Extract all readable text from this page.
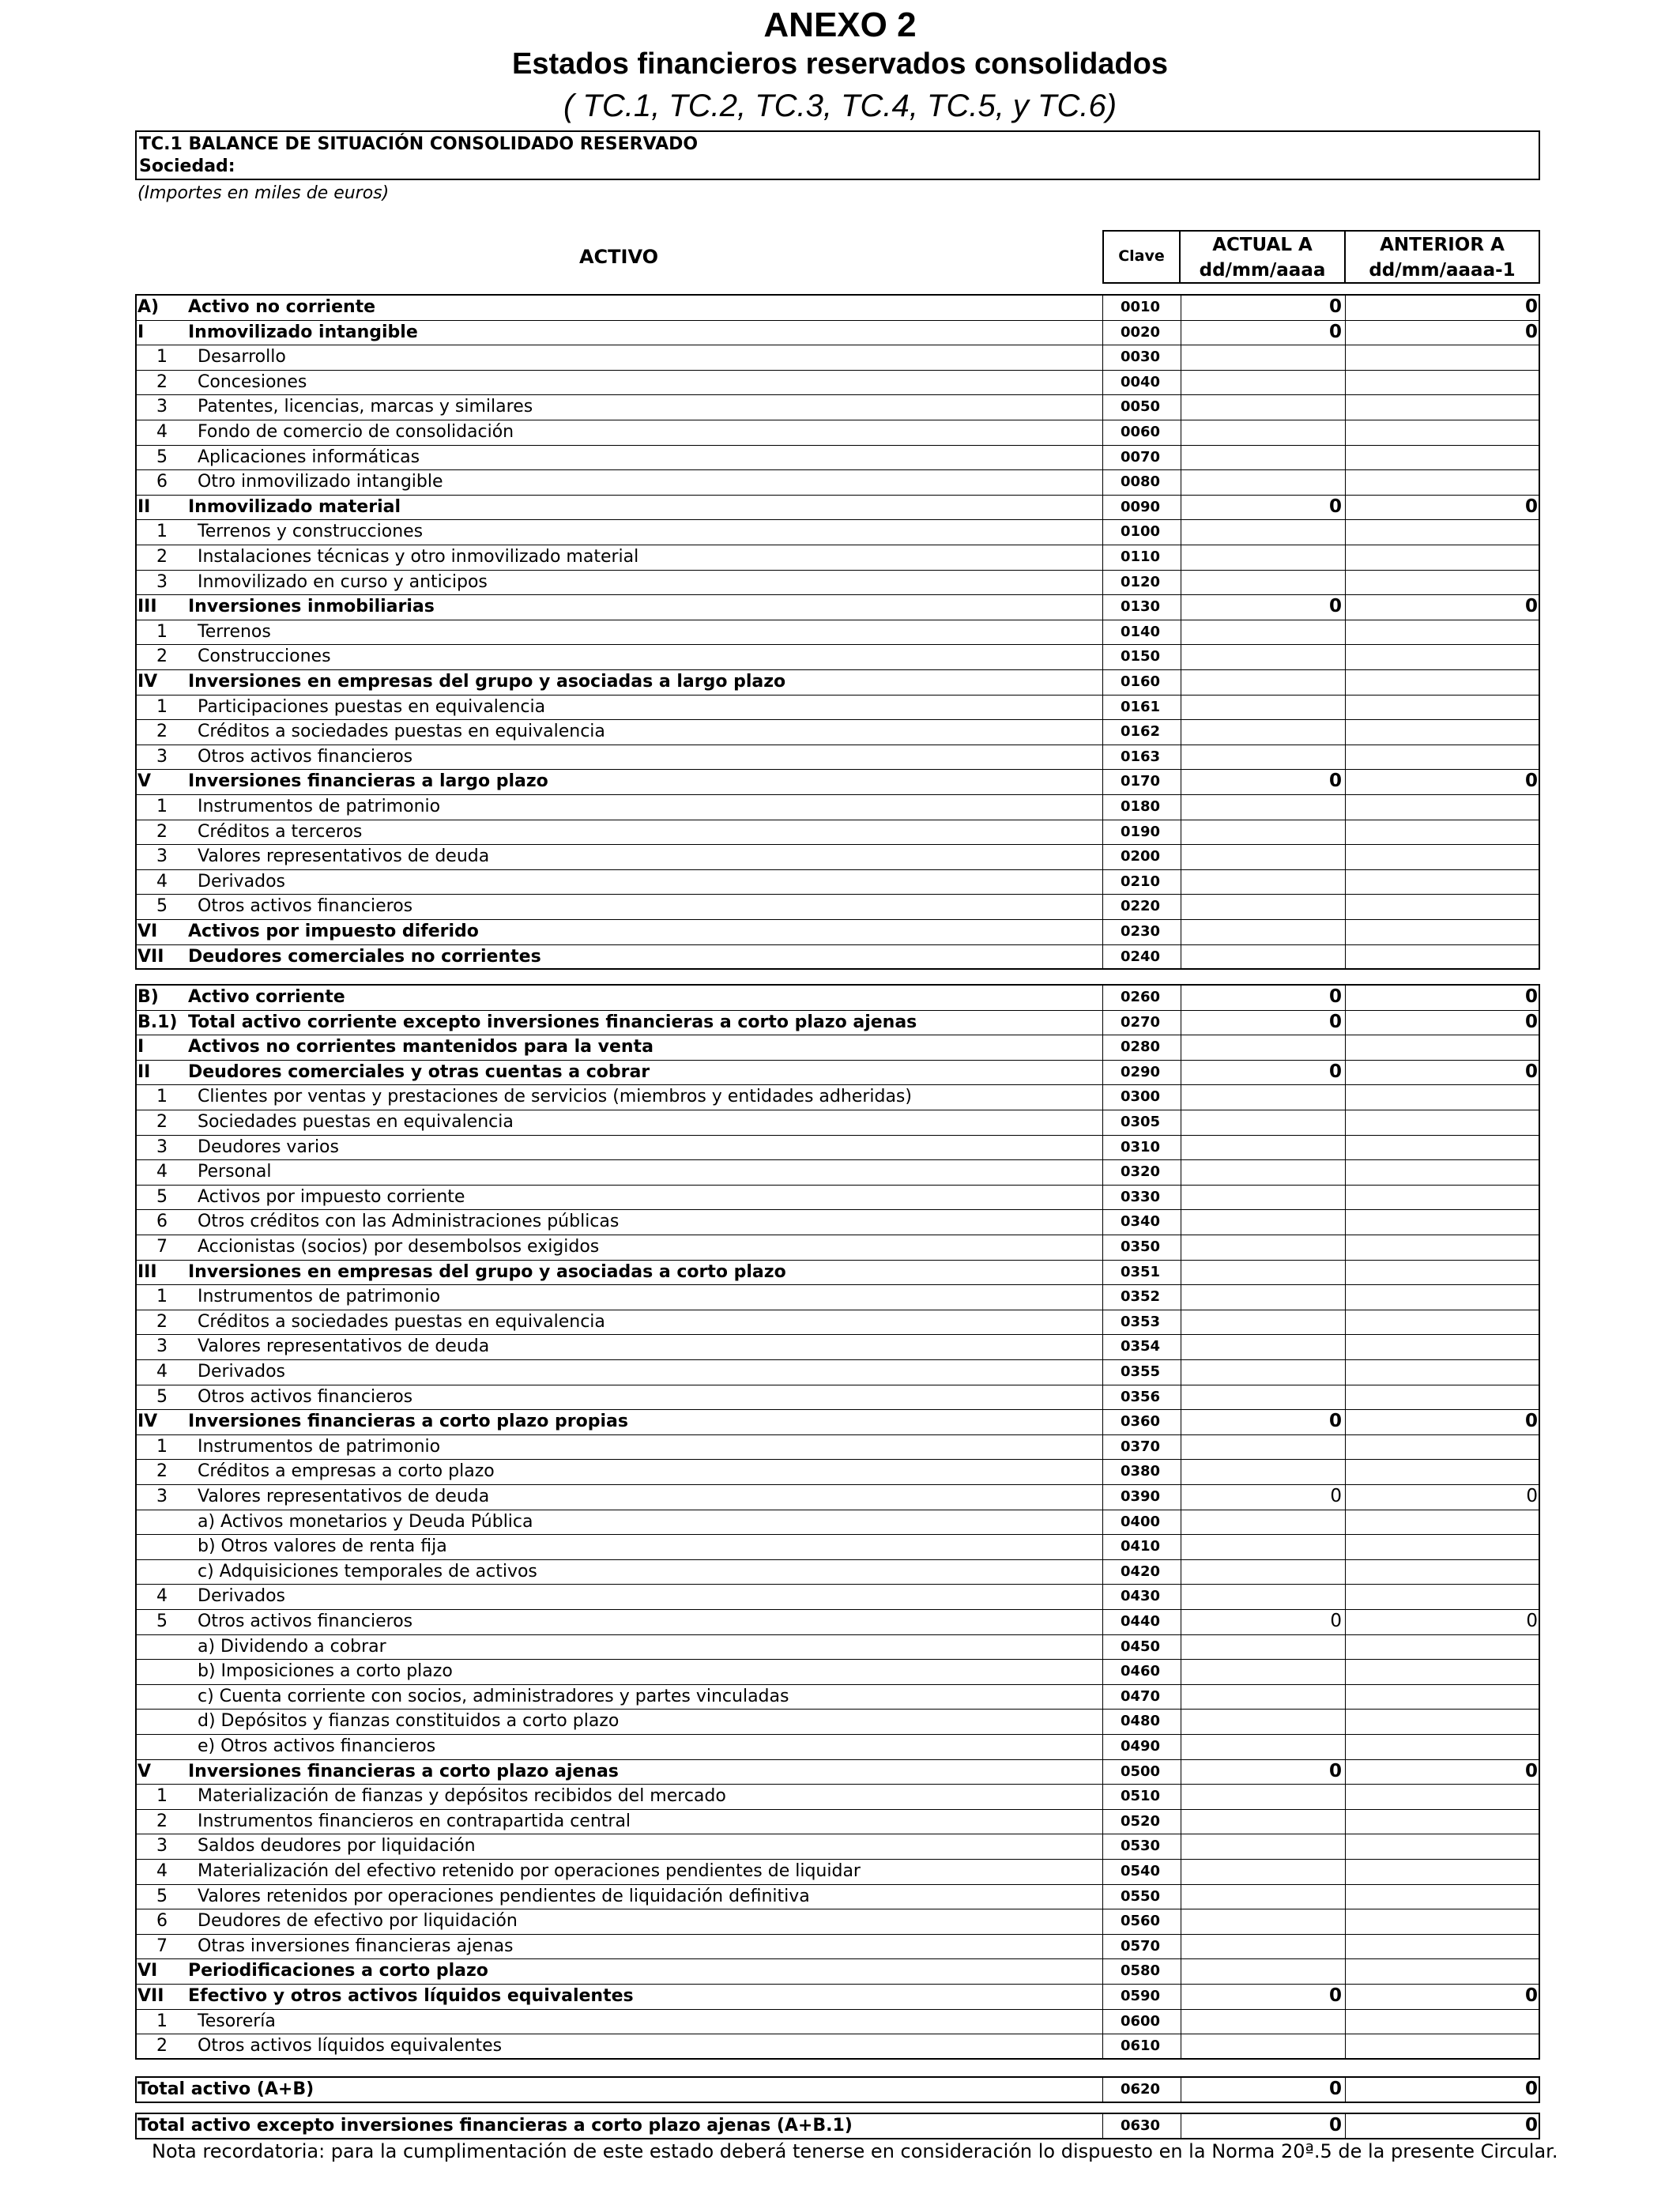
ANEXO 2
Estados financieros reservados consolidados
( TC.1, TC.2, TC.3, TC.4, TC.5, y TC.6)
TC.1 BALANCE DE SITUACIÓN CONSOLIDADO RESERVADO
Sociedad:
(Importes en miles de euros)
ACTIVO	Clave
ACTUAL A
dd/mm/aaaa
ANTERIOR A
dd/mm/aaaa-1
A) Activo no corriente	0010	0	0
I	Inmovilizado intangible	0020	0	0
1 Desarrollo	0030
2 Concesiones	0040
3 Patentes, licencias, marcas y similares	0050
4 Fondo de comercio de consolidación	0060
5 Aplicaciones informáticas	0070
6 Otro inmovilizado intangible	0080
II Inmovilizado material	0090	0	0
1 Terrenos y construcciones	0100
2 Instalaciones técnicas y otro inmovilizado material	0110
3 Inmovilizado en curso y anticipos	0120
III Inversiones inmobiliarias	0130	0	0
1 Terrenos	0140
2 Construcciones	0150
IV Inversiones en empresas del grupo y asociadas a largo plazo	0160
1 Participaciones puestas en equivalencia	0161
2 Créditos a sociedades puestas en equivalencia	0162
3 Otros activos financieros	0163
V Inversiones financieras a largo plazo	0170	0	0
1 Instrumentos de patrimonio	0180
2 Créditos a terceros	0190
3 Valores representativos de deuda	0200
4 Derivados	0210
5 Otros activos financieros	0220
VI Activos por impuesto diferido	0230
VII Deudores comerciales no corrientes	0240
B) Activo corriente	0260	0	0
B.1) Total activo corriente excepto inversiones financieras a corto plazo ajenas	0270	0	0
I	Activos no corrientes mantenidos para la venta	0280
II Deudores comerciales y otras cuentas a cobrar	0290	0	0
1 Clientes por ventas y prestaciones de servicios (miembros y entidades adheridas)	0300
2 Sociedades puestas en equivalencia	0305
3 Deudores varios	0310
4 Personal	0320
5 Activos por impuesto corriente	0330
6 Otros créditos con las Administraciones públicas	0340
7 Accionistas (socios) por desembolsos exigidos	0350
III Inversiones en empresas del grupo y asociadas a corto plazo	0351
1 Instrumentos de patrimonio	0352
2 Créditos a sociedades puestas en equivalencia	0353
3 Valores representativos de deuda	0354
4 Derivados	0355
5 Otros activos financieros	0356
IV Inversiones financieras a corto plazo propias	0360	0	0
1 Instrumentos de patrimonio	0370
2 Créditos a empresas a corto plazo	0380
3 Valores representativos de deuda	0390	0	0
a) Activos monetarios y Deuda Pública	0400
b) Otros valores de renta fija	0410
c) Adquisiciones temporales de activos	0420
4 Derivados	0430
5 Otros activos financieros	0440	0	0
a) Dividendo a cobrar	0450
b) Imposiciones a corto plazo	0460
c) Cuenta corriente con socios, administradores y partes vinculadas	0470
d) Depósitos y fianzas constituidos a corto plazo	0480
e) Otros activos financieros	0490
V Inversiones financieras a corto plazo ajenas	0500	0	0
1 Materialización de fianzas y depósitos recibidos del mercado	0510
2 Instrumentos financieros en contrapartida central	0520
3 Saldos deudores por liquidación	0530
4 Materialización del efectivo retenido por operaciones pendientes de liquidar	0540
5 Valores retenidos por operaciones pendientes de liquidación definitiva	0550
6 Deudores de efectivo por liquidación	0560
7 Otras inversiones financieras ajenas	0570
VI Periodificaciones a corto plazo	0580
VII Efectivo y otros activos líquidos equivalentes	0590	0	0
1 Tesorería	0600
2 Otros activos líquidos equivalentes	0610
Total activo (A+B)	0620	0	0
Total activo excepto inversiones financieras a corto plazo ajenas (A+B.1)	0630	0	0
Nota recordatoria: para la cumplimentación de este estado deberá tenerse en consideración lo dispuesto en la Norma 20ª.5 de la presente Circular.
